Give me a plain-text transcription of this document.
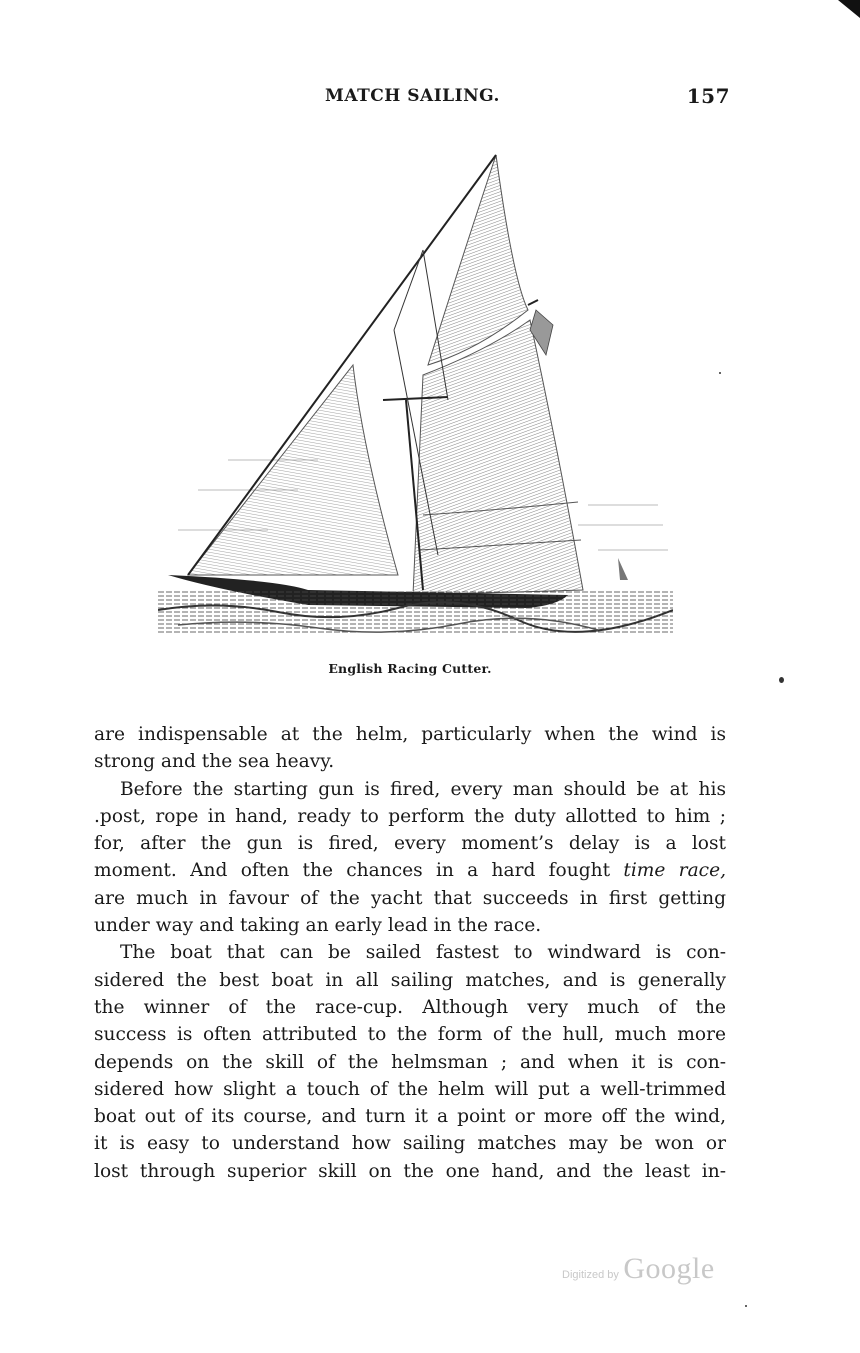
MATCH SAILING.	157
English Racing Cutter.

are indispensable at the helm, particularly when the wind is
strong and the sea heavy.

Before the starting gun is fired, every man should be at his
.post, rope in hand, ready to perform the duty allotted to him ;
for, after the gun is fired, every moment’s delay is a lost
moment. And often the chances in a hard fought time race,
are much in favour of the yacht that succeeds in first getting
under way and taking an early lead in the race.

The boat that can be sailed fastest to windward is con-
sidered the best boat in all sailing matches, and is generally
the winner of the race-cup. Although very much of the
success is often attributed to the form of the hull, much more
depends on the skill of the helmsman ; and when it is con-
sidered how slight a touch of the helm will put a well-trimmed
boat out of its course, and turn it a point or more off the wind,
it is easy to understand how sailing matches may be won or
lost through superior skill on the one hand, and the least in-

Digitized by Google
